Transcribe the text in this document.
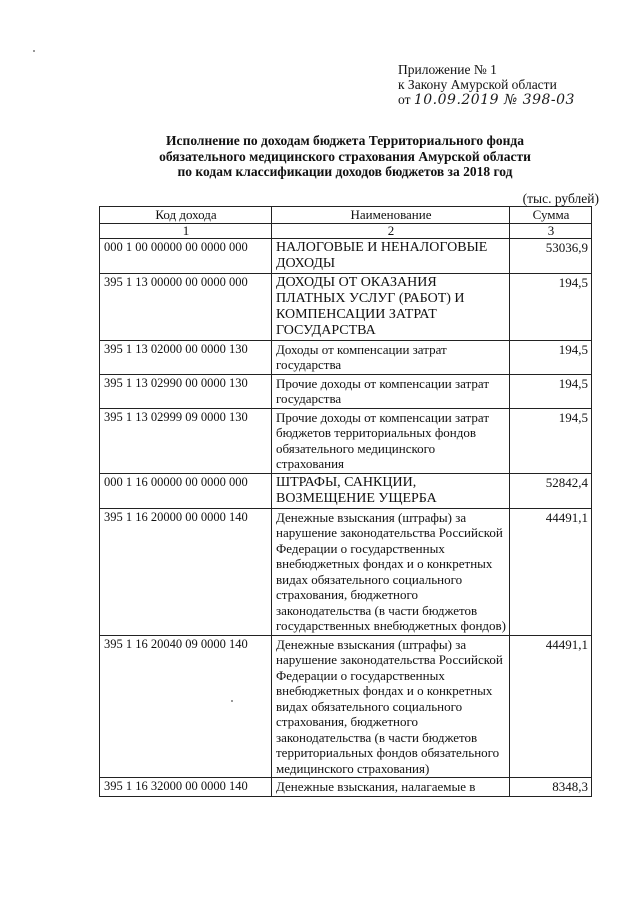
Приложение № 1
к Закону Амурской области
от 10.09.2019 № 398-03
Исполнение по доходам бюджета Территориального фонда
обязательного медицинского страхования Амурской области
по кодам классификации доходов бюджетов за 2018 год
(тыс. рублей)
Код дохода	Наименование	Сумма
1	2	3
000 1 00 00000 00 0000 000	НАЛОГОВЫЕ И НЕНАЛОГОВЫЕ ДОХОДЫ	53036,9
395 1 13 00000 00 0000 000	ДОХОДЫ ОТ ОКАЗАНИЯ ПЛАТНЫХ УСЛУГ (РАБОТ) И КОМПЕНСАЦИИ ЗАТРАТ ГОСУДАРСТВА	194,5
395 1 13 02000 00 0000 130	Доходы от компенсации затрат государства	194,5
395 1 13 02990 00 0000 130	Прочие доходы от компенсации затрат государства	194,5
395 1 13 02999 09 0000 130	Прочие доходы от компенсации затрат бюджетов территориальных фондов обязательного медицинского страхования	194,5
000 1 16 00000 00 0000 000	ШТРАФЫ, САНКЦИИ, ВОЗМЕЩЕНИЕ УЩЕРБА	52842,4
395 1 16 20000 00 0000 140	Денежные взыскания (штрафы) за нарушение законодательства Российской Федерации о государственных внебюджетных фондах и о конкретных видах обязательного социального страхования, бюджетного законодательства (в части бюджетов государственных внебюджетных фондов)	44491,1
395 1 16 20040 09 0000 140	Денежные взыскания (штрафы) за нарушение законодательства Российской Федерации о государственных внебюджетных фондах и о конкретных видах обязательного социального страхования, бюджетного законодательства (в части бюджетов территориальных фондов обязательного медицинского страхования)	44491,1
395 1 16 32000 00 0000 140	Денежные взыскания, налагаемые в	8348,3
